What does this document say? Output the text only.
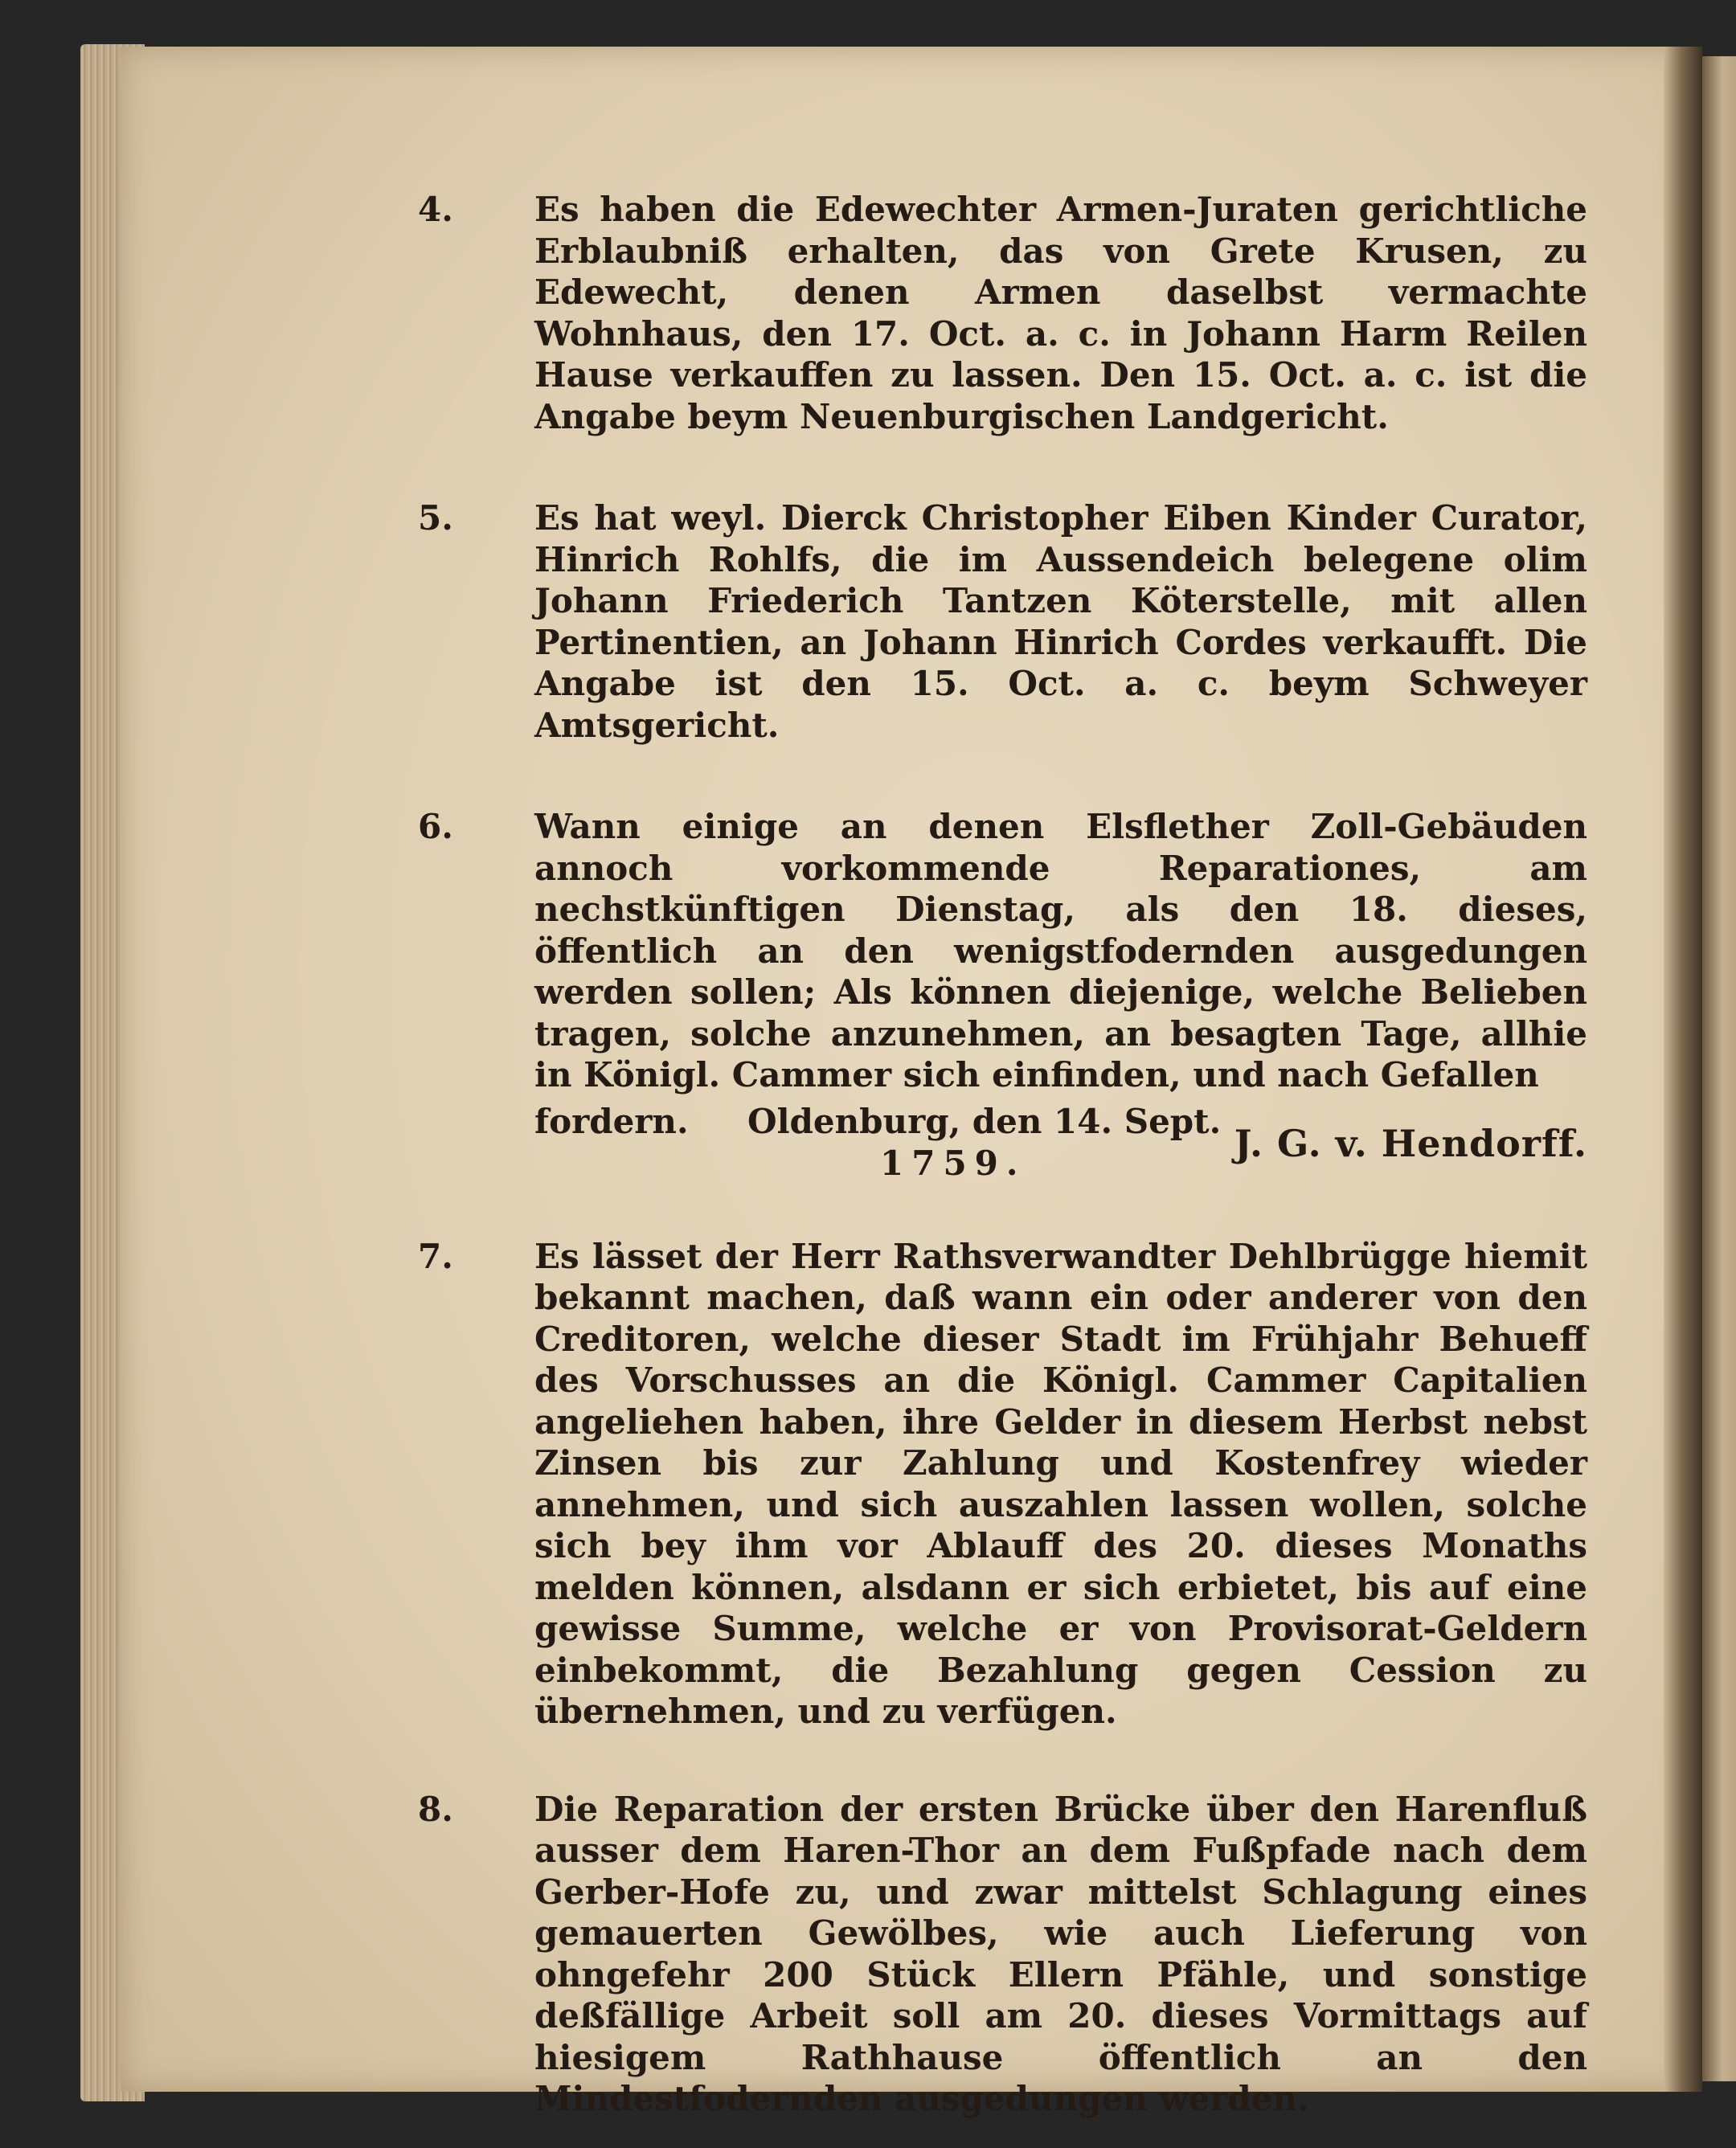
4. Es haben die Edewechter Armen-Juraten gerichtliche Erblaubniß erhalten, das von Grete Krusen, zu Edewecht, denen Armen daselbst vermachte Wohnhaus, den 17. Oct. a. c. in Johann Harm Reilen Hause verkauffen zu lassen. Den 15. Oct. a. c. ist die Angabe beym Neuenburgischen Landgericht.
5. Es hat weyl. Dierck Christopher Eiben Kinder Curator, Hinrich Rohlfs, die im Aussendeich belegene olim Johann Friederich Tantzen Köterstelle, mit allen Pertinentien, an Johann Hinrich Cordes verkaufft. Die Angabe ist den 15. Oct. a. c. beym Schweyer Amtsgericht.
6. Wann einige an denen Elsflether Zoll-Gebäuden annoch vorkommende Reparationes, am nechstkünftigen Dienstag, als den 18. dieses, öffentlich an den wenigstfodernden ausgedungen werden sollen; Als können diejenige, welche Belieben tragen, solche anzunehmen, an besagten Tage, allhie in Königl. Cammer sich einfinden, und nach Gefallen
fordern. Oldenburg, den 14. Sept.
1759.	J. G. v. Hendorff.
7. Es lässet der Herr Rathsverwandter Dehlbrügge hiemit bekannt machen, daß wann ein oder anderer von den Creditoren, welche dieser Stadt im Frühjahr Behueff des Vorschusses an die Königl. Cammer Capitalien angeliehen haben, ihre Gelder in diesem Herbst nebst Zinsen bis zur Zahlung und Kostenfrey wieder annehmen, und sich auszahlen lassen wollen, solche sich bey ihm vor Ablauff des 20. dieses Monaths melden können, alsdann er sich erbietet, bis auf eine gewisse Summe, welche er von Provisorat-Geldern einbekommt, die Bezahlung gegen Cession zu übernehmen, und zu verfügen.
8. Die Reparation der ersten Brücke über den Harenfluß ausser dem Haren-Thor an dem Fußpfade nach dem Gerber-Hofe zu, und zwar mittelst Schlagung eines gemauerten Gewölbes, wie auch Lieferung von ohngefehr 200 Stück Ellern Pfähle, und sonstige deßfällige Arbeit soll am 20. dieses Vormittags auf hiesigem Rathhause öffentlich an den Mindestfodernden ausgedungen werden.
